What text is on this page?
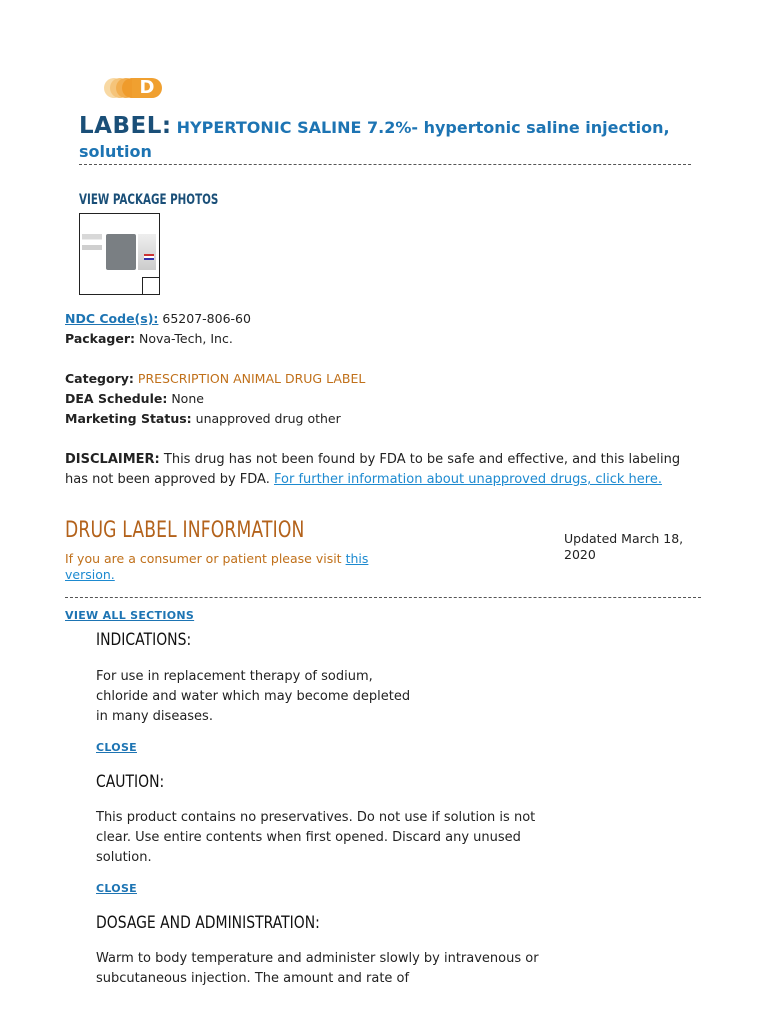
D
LABEL: HYPERTONIC SALINE 7.2%- hypertonic saline injection,
solution
VIEW PACKAGE PHOTOS
NDC Code(s): 65207-806-60
Packager: Nova-Tech, Inc.
Category: PRESCRIPTION ANIMAL DRUG LABEL
DEA Schedule: None
Marketing Status: unapproved drug other
DISCLAIMER: This drug has not been found by FDA to be safe and effective, and this labeling has not been approved by FDA. For further information about unapproved drugs, click here.
DRUG LABEL INFORMATION
If you are a consumer or patient please visit this version.
Updated March 18, 2020
VIEW ALL SECTIONS
INDICATIONS:
For use in replacement therapy of sodium, chloride and water which may become depleted in many diseases.
CLOSE
CAUTION:
This product contains no preservatives. Do not use if solution is not clear. Use entire contents when first opened. Discard any unused solution.
CLOSE
DOSAGE AND ADMINISTRATION:
Warm to body temperature and administer slowly by intravenous or subcutaneous injection. The amount and rate of
